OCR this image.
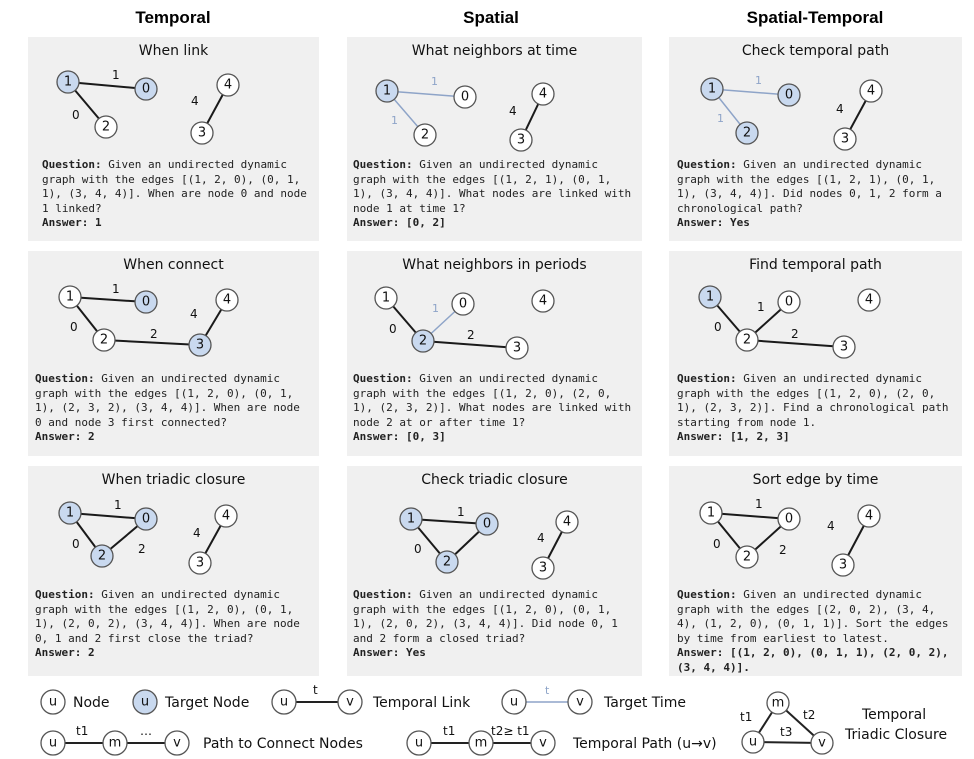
Temporal	Spatial	Spatial-Temporal
When link
1
0
4
0
1
2	3
4
Question: Given an undirected dynamic graph with the edges [(1, 2, 0), (0, 1, 1), (3, 4, 4)]. When are node 0 and node 1 linked?
Answer: 1
What neighbors at time
1
1
4
0
1
2	3
4
Question: Given an undirected dynamic graph with the edges [(1, 2, 1), (0, 1, 1), (3, 4, 4)]. What nodes are linked with node 1 at time 1?
Answer: [0, 2]
Check temporal path
1
1
4
0
1
2	3
4
Question: Given an undirected dynamic graph with the edges [(1, 2, 1), (0, 1, 1), (3, 4, 4)]. Did nodes 0, 1, 2 form a chronological path?
Answer: Yes
When connect
1
0	2
4
0
1
2	3
4
Question: Given an undirected dynamic graph with the edges [(1, 2, 0), (0, 1, 1), (2, 3, 2), (3, 4, 4)]. When are node 0 and node 3 first connected?
Answer: 2
What neighbors in periods
0
1
2
0
1
2	3
4
Question: Given an undirected dynamic graph with the edges [(1, 2, 0), (2, 0, 1), (2, 3, 2)]. What nodes are linked with node 2 at or after time 1?
Answer: [0, 3]
Find temporal path
0
1
2
0
1
2	3
4
Question: Given an undirected dynamic graph with the edges [(1, 2, 0), (2, 0, 1), (2, 3, 2)]. Find a chronological path starting from node 1.
Answer: [1, 2, 3]
When triadic closure
1
0	2
4
0
1
2	3
4
Question: Given an undirected dynamic graph with the edges [(1, 2, 0), (0, 1, 1), (2, 0, 2), (3, 4, 4)]. When are node 0, 1 and 2 first close the triad?
Answer: 2
Check triadic closure
1
0
4
0
1
2	3
4
Question: Given an undirected dynamic graph with the edges [(1, 2, 0), (0, 1, 1), (2, 0, 2), (3, 4, 4)]. Did node 0, 1 and 2 form a closed triad?
Answer: Yes
Sort edge by time
1
0	2
4
0
1
2
3
4
Question: Given an undirected dynamic graph with the edges [(2, 0, 2), (3, 4, 4), (1, 2, 0), (0, 1, 1)]. Sort the edges by time from earliest to latest.
Answer: [(1, 2, 0), (0, 1, 1), (2, 0, 2), (3, 4, 4)].
u Node u Target Node u	v
t
Temporal Link	u	v
t
Target Time
u	m	v
t1	…
Path to Connect Nodes	u	m	v
t1	t2≥ t1
Temporal Path (u→v)
m
u	v
t1	t2
t3
Temporal
Triadic Closure
